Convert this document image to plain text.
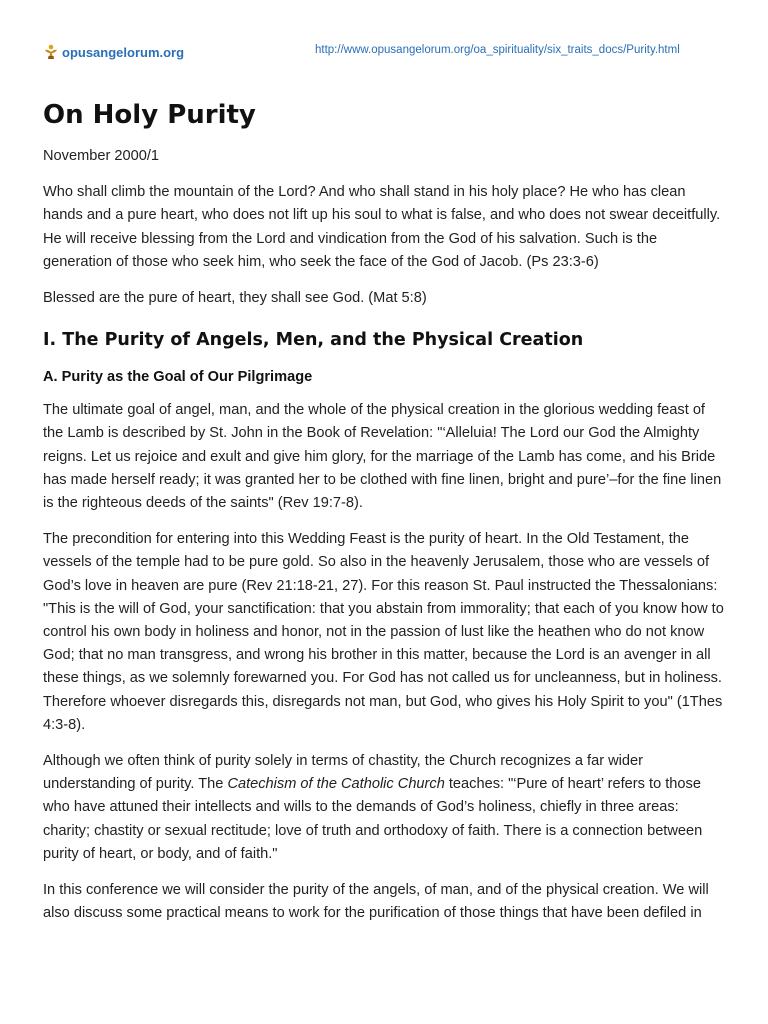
opusangelorum.org	http://www.opusangelorum.org/oa_spirituality/six_traits_docs/Purity.html
On Holy Purity

November 2000/1

Who shall climb the mountain of the Lord? And who shall stand in his holy place? He who has clean hands and a pure heart, who does not lift up his soul to what is false, and who does not swear deceitfully. He will receive blessing from the Lord and vindication from the God of his salvation. Such is the generation of those who seek him, who seek the face of the God of Jacob. (Ps 23:3-6)

Blessed are the pure of heart, they shall see God. (Mat 5:8)

I. The Purity of Angels, Men, and the Physical Creation
A. Purity as the Goal of Our Pilgrimage

The ultimate goal of angel, man, and the whole of the physical creation in the glorious wedding feast of the Lamb is described by St. John in the Book of Revelation: "‘Alleluia! The Lord our God the Almighty reigns. Let us rejoice and exult and give him glory, for the marriage of the Lamb has come, and his Bride has made herself ready; it was granted her to be clothed with fine linen, bright and pure’–for the fine linen is the righteous deeds of the saints" (Rev 19:7-8).

The precondition for entering into this Wedding Feast is the purity of heart. In the Old Testament, the vessels of the temple had to be pure gold. So also in the heavenly Jerusalem, those who are vessels of God’s love in heaven are pure (Rev 21:18-21, 27). For this reason St. Paul instructed the Thessalonians: "This is the will of God, your sanctification: that you abstain from immorality; that each of you know how to control his own body in holiness and honor, not in the passion of lust like the heathen who do not know God; that no man transgress, and wrong his brother in this matter, because the Lord is an avenger in all these things, as we solemnly forewarned you. For God has not called us for uncleanness, but in holiness. Therefore whoever disregards this, disregards not man, but God, who gives his Holy Spirit to you" (1Thes 4:3-8).

Although we often think of purity solely in terms of chastity, the Church recognizes a far wider understanding of purity. The Catechism of the Catholic Church teaches: "‘Pure of heart’ refers to those who have attuned their intellects and wills to the demands of God’s holiness, chiefly in three areas: charity; chastity or sexual rectitude; love of truth and orthodoxy of faith. There is a connection between purity of heart, or body, and of faith."

In this conference we will consider the purity of the angels, of man, and of the physical creation. We will also discuss some practical means to work for the purification of those things that have been defiled in
